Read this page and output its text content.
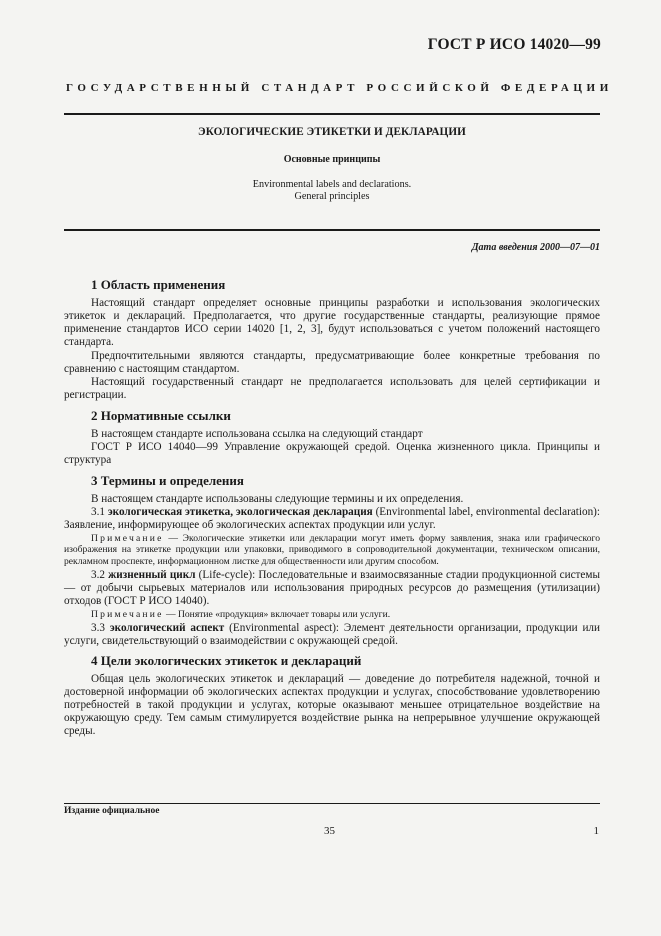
ГОСТ Р ИСО 14020—99
ГОСУДАРСТВЕННЫЙ СТАНДАРТ РОССИЙСКОЙ ФЕДЕРАЦИИ
ЭКОЛОГИЧЕСКИЕ ЭТИКЕТКИ И ДЕКЛАРАЦИИ
Основные принципы
Environmental labels and declarations.
General principles
Дата введения 2000—07—01
1 Область применения

Настоящий стандарт определяет основные принципы разработки и использования экологических этикеток и деклараций. Предполагается, что другие государственные стандарты, реализующие прямое применение стандартов ИСО серии 14020 [1, 2, 3], будут использоваться с учетом положений настоящего стандарта.

Предпочтительными являются стандарты, предусматривающие более конкретные требования по сравнению с настоящим стандартом.

Настоящий государственный стандарт не предполагается использовать для целей сертификации и регистрации.

2 Нормативные ссылки

В настоящем стандарте использована ссылка на следующий стандарт

ГОСТ Р ИСО 14040—99 Управление окружающей средой. Оценка жизненного цикла. Принципы и структура

3 Термины и определения

В настоящем стандарте использованы следующие термины и их определения.

3.1 экологическая этикетка, экологическая декларация (Environmental label, environmental declaration): Заявление, информирующее об экологических аспектах продукции или услуг.

Примечание — Экологические этикетки или декларации могут иметь форму заявления, знака или графического изображения на этикетке продукции или упаковки, приводимого в сопроводительной документации, техническом описании, рекламном проспекте, информационном листке для общественности или другим способом.

3.2 жизненный цикл (Life-cycle): Последовательные и взаимосвязанные стадии продукционной системы — от добычи сырьевых материалов или использования природных ресурсов до размещения (утилизации) отходов (ГОСТ Р ИСО 14040).

Примечание — Понятие «продукция» включает товары или услуги.

3.3 экологический аспект (Environmental aspect): Элемент деятельности организации, продукции или услуги, свидетельствующий о взаимодействии с окружающей средой.

4 Цели экологических этикеток и деклараций

Общая цель экологических этикеток и деклараций — доведение до потребителя надежной, точной и достоверной информации об экологических аспектах продукции и услугах, способствование удовлетворению потребностей в такой продукции и услугах, которые оказывают меньшее отрицательное воздействие на окружающую среду. Тем самым стимулируется воздействие рынка на непрерывное улучшение окружающей среды.

Издание официальное
35	1
